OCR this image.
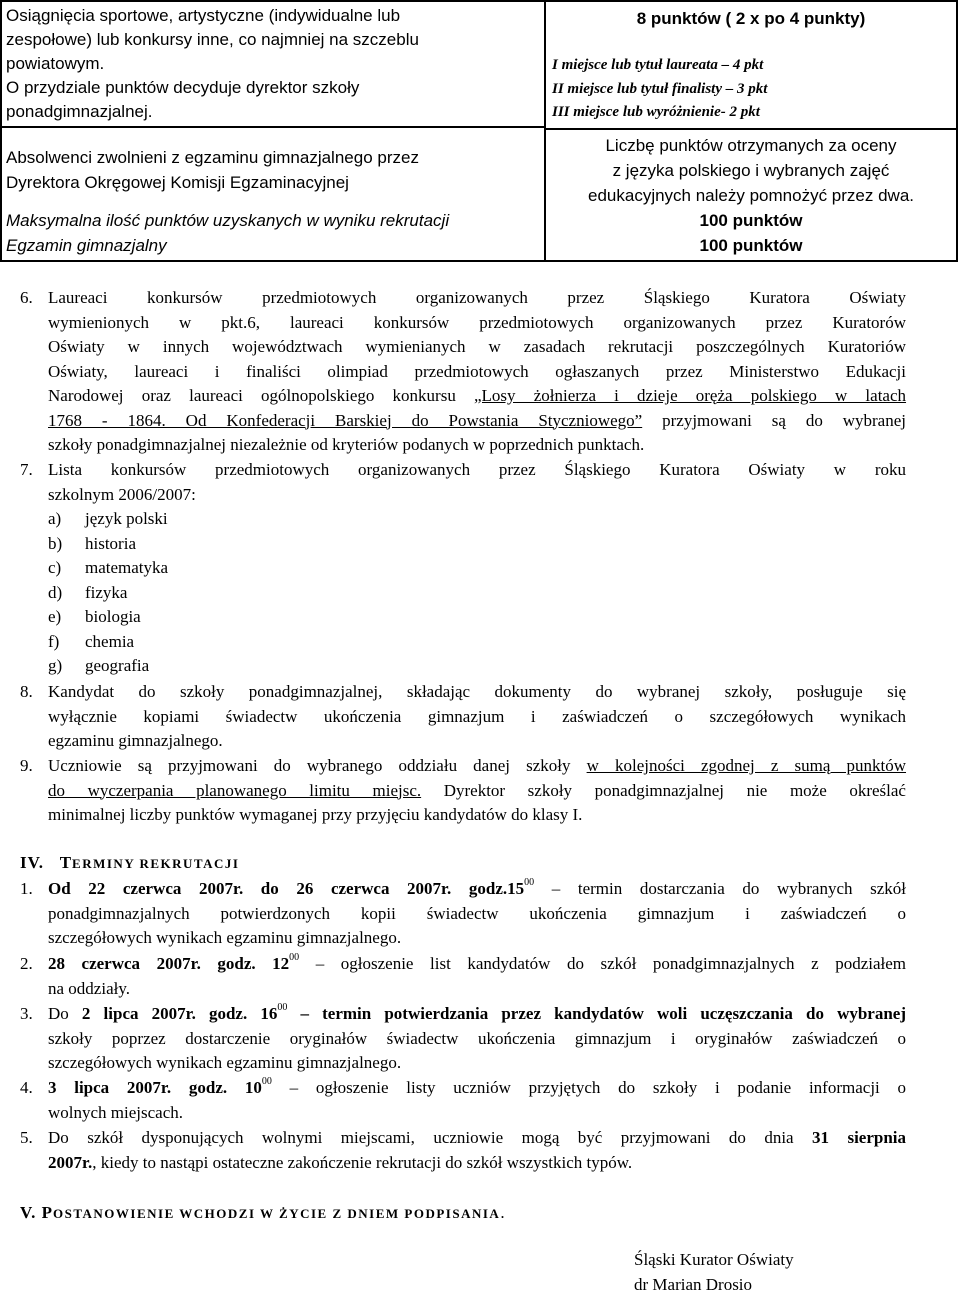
Osiągnięcia sportowe, artystyczne (indywidualne lub
zespołowe) lub konkursy inne, co najmniej na szczeblu
powiatowym.
O przydziale punktów decyduje dyrektor szkoły
ponadgimnazjalnej.
8 punktów ( 2 x po 4 punkty)
I miejsce lub tytuł laureata – 4 pkt
II miejsce lub tytuł finalisty – 3 pkt
III miejsce lub wyróżnienie- 2 pkt
Absolwenci zwolnieni z egzaminu gimnazjalnego przez
Dyrektora Okręgowej Komisji Egzaminacyjnej
Maksymalna ilość punktów uzyskanych w wyniku rekrutacji
Egzamin gimnazjalny
Liczbę punktów otrzymanych za oceny
z języka polskiego i wybranych zajęć
edukacyjnych należy pomnożyć przez dwa.
100 punktów
100 punktów
6. Laureaci konkursów przedmiotowych organizowanych przez Śląskiego Kuratora Oświaty
wymienionych w pkt.6, laureaci konkursów przedmiotowych organizowanych przez Kuratorów
Oświaty w innych województwach wymienianych w zasadach rekrutacji poszczególnych Kuratoriów
Oświaty, laureaci i finaliści olimpiad przedmiotowych ogłaszanych przez Ministerstwo Edukacji
Narodowej oraz laureaci ogólnopolskiego konkursu „Losy żołnierza i dzieje oręża polskiego w latach
1768 - 1864. Od Konfederacji Barskiej do Powstania Styczniowego” przyjmowani są do wybranej
szkoły ponadgimnazjalnej niezależnie od kryteriów podanych w poprzednich punktach.
7. Lista konkursów przedmiotowych organizowanych przez Śląskiego Kuratora Oświaty w roku
szkolnym 2006/2007:
a) język polski
b) historia
c) matematyka
d) fizyka
e) biologia
f) chemia
g) geografia
8. Kandydat do szkoły ponadgimnazjalnej, składając dokumenty do wybranej szkoły, posługuje się
wyłącznie kopiami świadectw ukończenia gimnazjum i zaświadczeń o szczegółowych wynikach
egzaminu gimnazjalnego.
9. Uczniowie są przyjmowani do wybranego oddziału danej szkoły w kolejności zgodnej z sumą punktów
do wyczerpania planowanego limitu miejsc. Dyrektor szkoły ponadgimnazjalnej nie może określać
minimalnej liczby punktów wymaganej przy przyjęciu kandydatów do klasy I.
IV. TERMINY REKRUTACJI
1. Od 22 czerwca 2007r. do 26 czerwca 2007r. $godz.15^{00}$ – termin dostarczania do wybranych szkół
ponadgimnazjalnych potwierdzonych kopii świadectw ukończenia gimnazjum i zaświadczeń o
szczegółowych wynikach egzaminu gimnazjalnego.
2. 28 czerwca 2007r. godz. $12^{00}$ – ogłoszenie list kandydatów do szkół ponadgimnazjalnych z podziałem
na oddziały.
3. Do 2 lipca 2007r. godz. $16^{00}$ – termin potwierdzania przez kandydatów woli uczęszczania do wybranej
szkoły poprzez dostarczenie oryginałów świadectw ukończenia gimnazjum i oryginałów zaświadczeń o
szczegółowych wynikach egzaminu gimnazjalnego.
4. 3 lipca 2007r. godz. $10^{00}$ – ogłoszenie listy uczniów przyjętych do szkoły i podanie informacji o
wolnych miejscach.
5. Do szkół dysponujących wolnymi miejscami, uczniowie mogą być przyjmowani do dnia 31 sierpnia
2007r., kiedy to nastąpi ostateczne zakończenie rekrutacji do szkół wszystkich typów.
V. POSTANOWIENIE WCHODZI W ŻYCIE Z DNIEM PODPISANIA.
Śląski Kurator Oświaty
dr Marian Drosio
